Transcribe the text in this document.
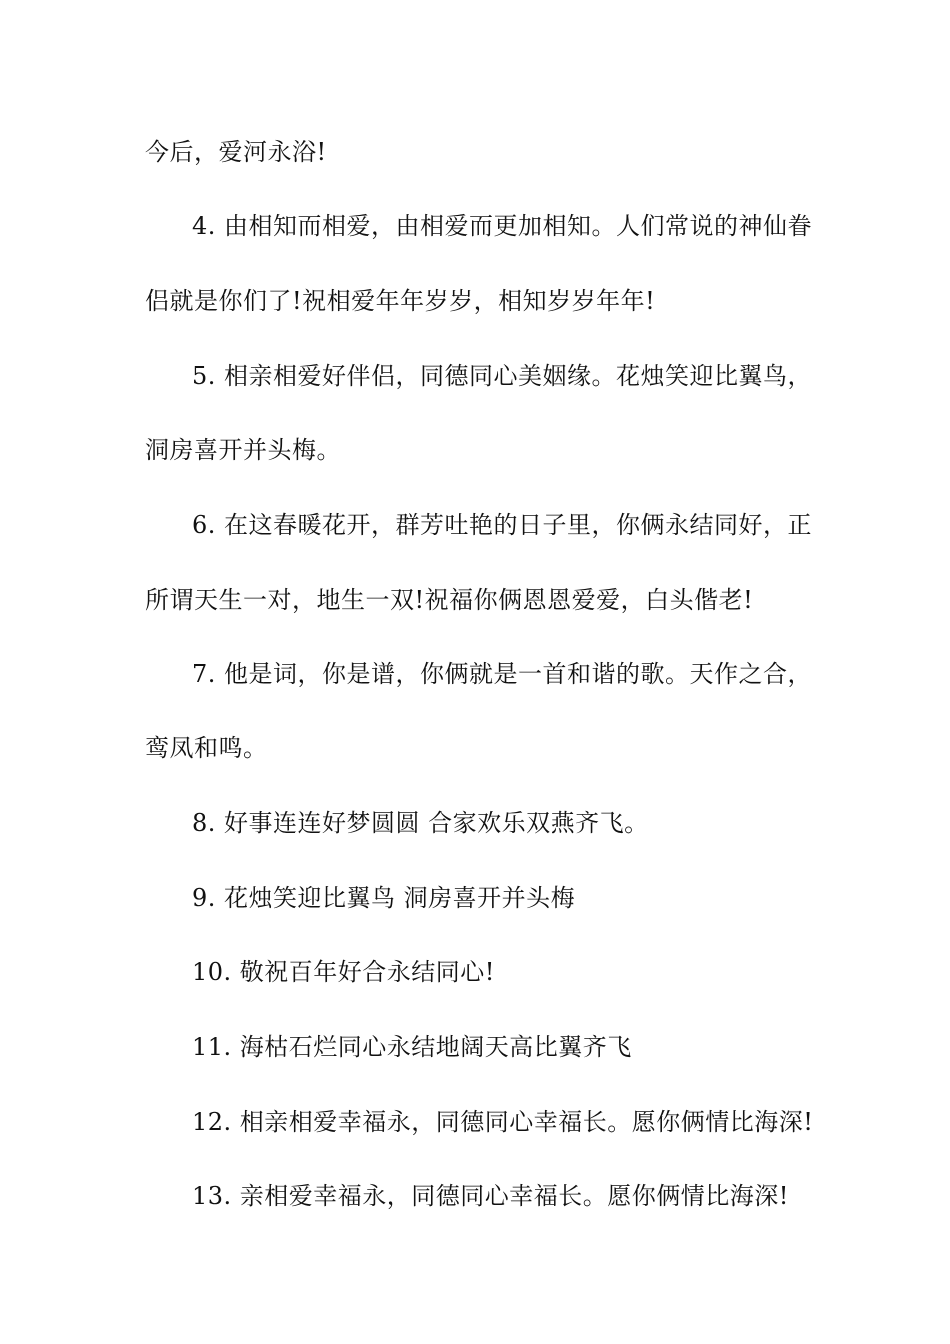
今后，爱河永浴!
4. 由相知而相爱，由相爱而更加相知。人们常说的神仙眷
侣就是你们了!祝相爱年年岁岁，相知岁岁年年!
5. 相亲相爱好伴侣，同德同心美姻缘。花烛笑迎比翼鸟，
洞房喜开并头梅。
6. 在这春暖花开，群芳吐艳的日子里，你俩永结同好，正
所谓天生一对，地生一双!祝福你俩恩恩爱爱，白头偕老!
7. 他是词，你是谱，你俩就是一首和谐的歌。天作之合，
鸾凤和鸣。
8. 好事连连好梦圆圆 合家欢乐双燕齐飞。
9. 花烛笑迎比翼鸟 洞房喜开并头梅
10. 敬祝百年好合永结同心!
11. 海枯石烂同心永结地阔天高比翼齐飞
12. 相亲相爱幸福永，同德同心幸福长。愿你俩情比海深!
13. 亲相爱幸福永，同德同心幸福长。愿你俩情比海深!
